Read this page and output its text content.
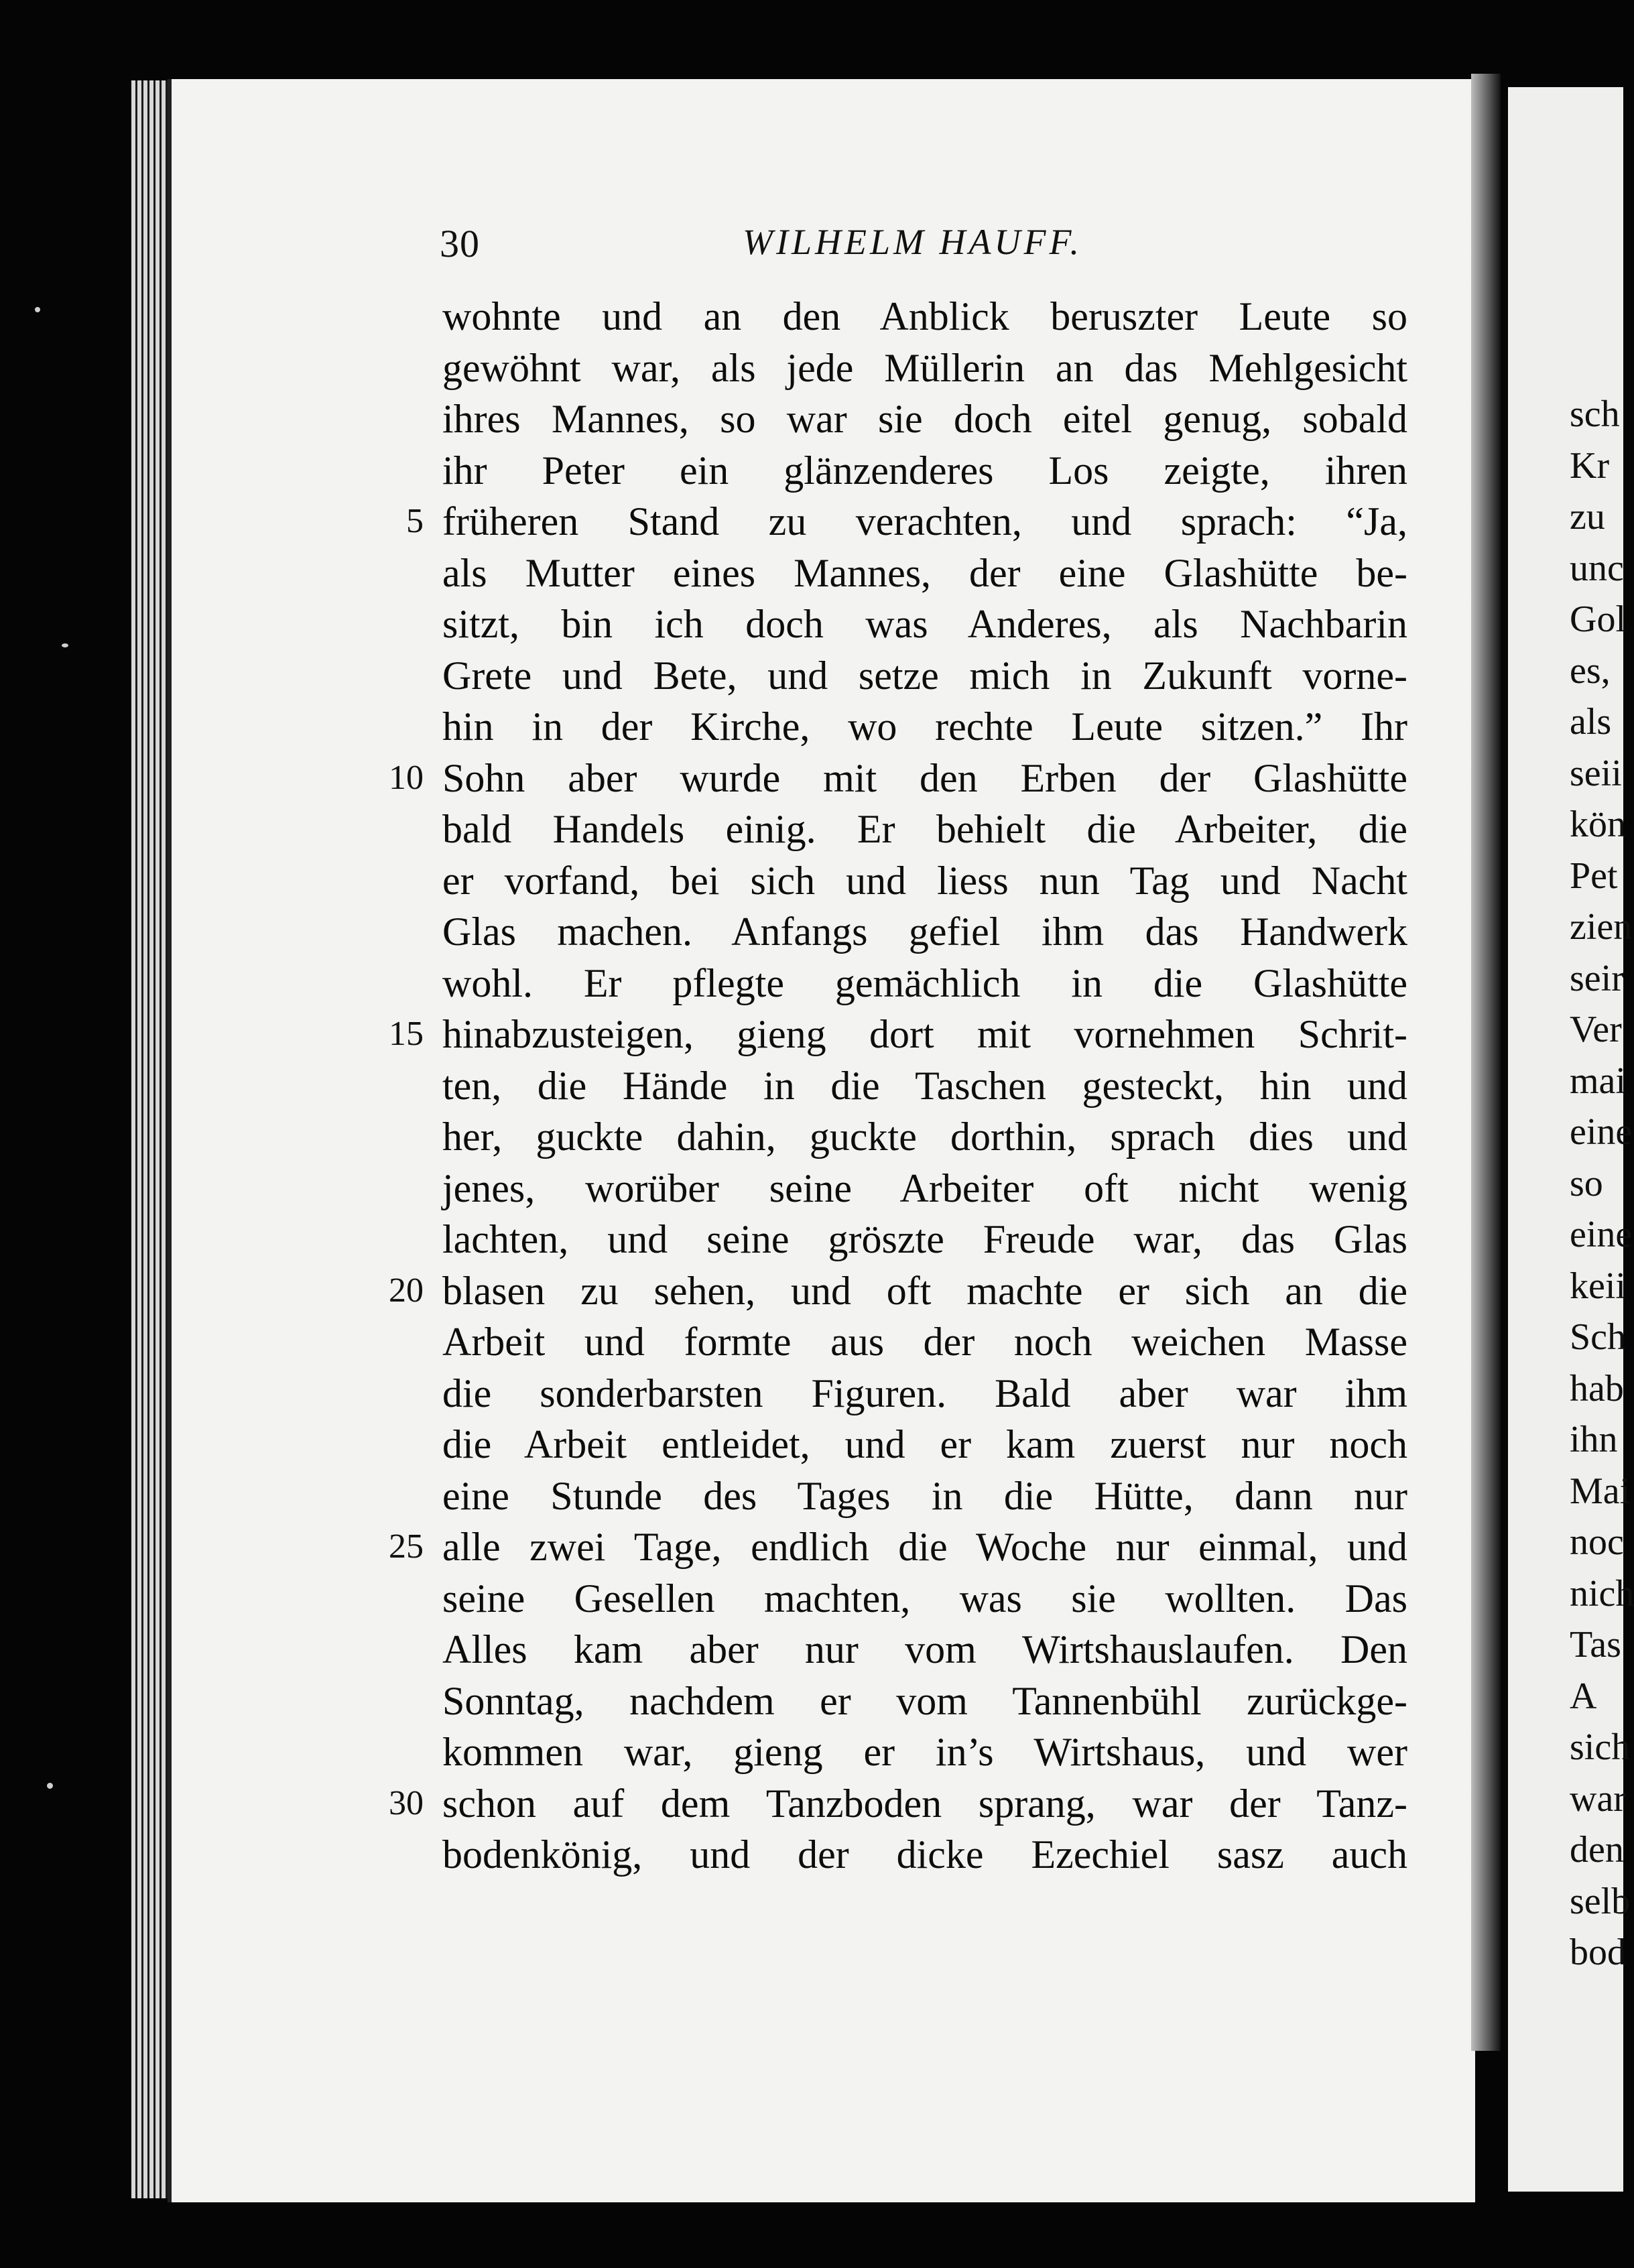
sch
Kr
zu
unc
Gol
es,
als
seii
kön
Pet
zien
seir
Ver
mai
eine
so
eine
keii
Sch
hab
ihn
Mai
noc
nich
Tas
A
sich
war
den
selb
bod
30	WILHELM HAUFF.
wohnte und an den Anblick beruszter Leute so
gewöhnt war, als jede Müllerin an das Mehlgesicht
ihres Mannes, so war sie doch eitel genug, sobald
ihr Peter ein glänzenderes Los zeigte, ihren
5 früheren Stand zu verachten, und sprach: “Ja,
als Mutter eines Mannes, der eine Glashütte be-
sitzt, bin ich doch was Anderes, als Nachbarin
Grete und Bete, und setze mich in Zukunft vorne-
hin in der Kirche, wo rechte Leute sitzen.” Ihr
10 Sohn aber wurde mit den Erben der Glashütte
bald Handels einig. Er behielt die Arbeiter, die
er vorfand, bei sich und liess nun Tag und Nacht
Glas machen. Anfangs gefiel ihm das Handwerk
wohl. Er pflegte gemächlich in die Glashütte
15 hinabzusteigen, gieng dort mit vornehmen Schrit-
ten, die Hände in die Taschen gesteckt, hin und
her, guckte dahin, guckte dorthin, sprach dies und
jenes, worüber seine Arbeiter oft nicht wenig
lachten, und seine gröszte Freude war, das Glas
20 blasen zu sehen, und oft machte er sich an die
Arbeit und formte aus der noch weichen Masse
die sonderbarsten Figuren. Bald aber war ihm
die Arbeit entleidet, und er kam zuerst nur noch
eine Stunde des Tages in die Hütte, dann nur
25 alle zwei Tage, endlich die Woche nur einmal, und
seine Gesellen machten, was sie wollten. Das
Alles kam aber nur vom Wirtshauslaufen. Den
Sonntag, nachdem er vom Tannenbühl zurückge-
kommen war, gieng er in’s Wirtshaus, und wer
30 schon auf dem Tanzboden sprang, war der Tanz-
bodenkönig, und der dicke Ezechiel sasz auch
